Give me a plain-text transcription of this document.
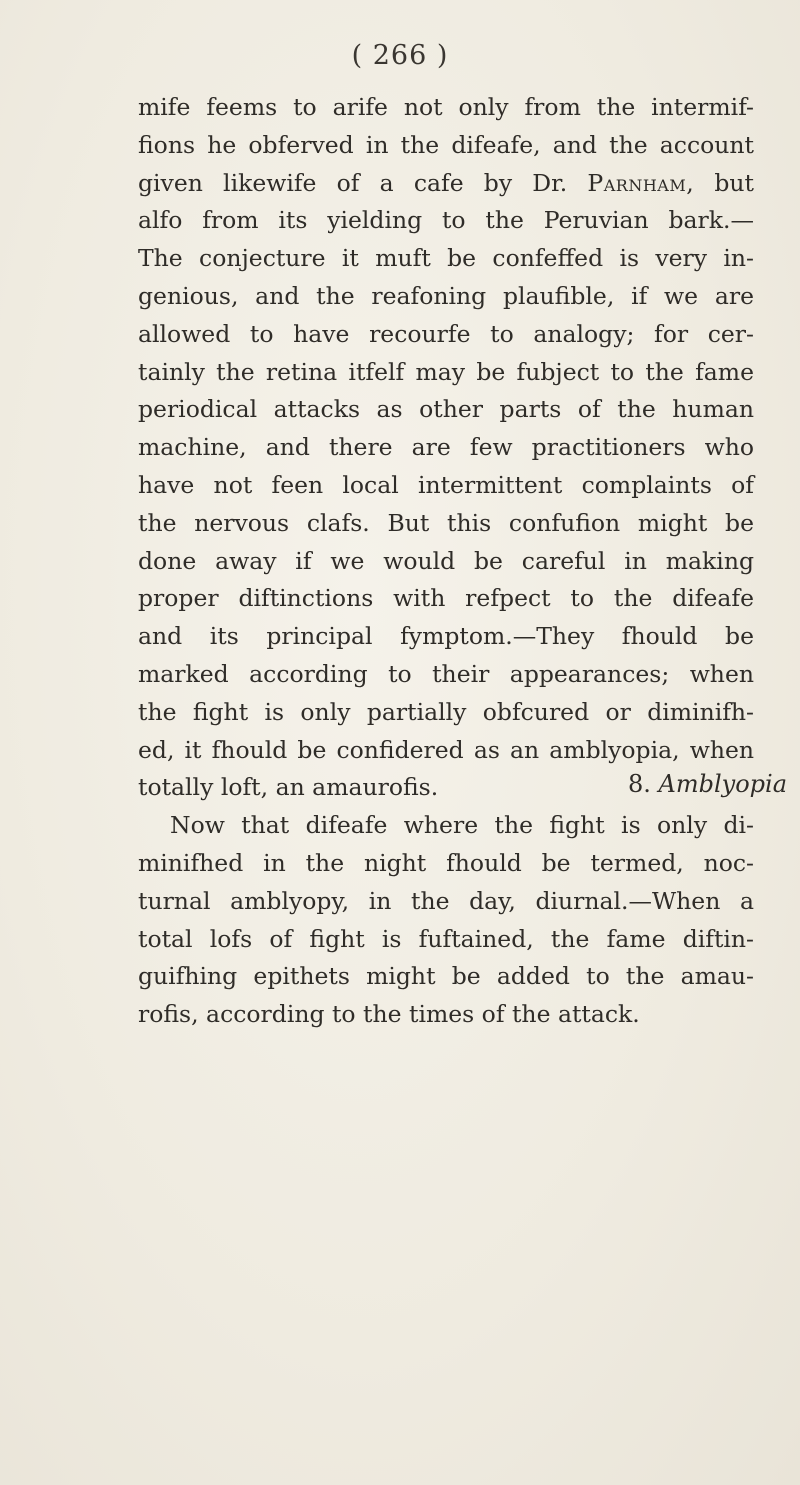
( 266 )
mife feems to arife not only from the intermif-
fions he obferved in the difeafe, and the account
given likewife of a cafe by Dr. Parnham, but
alfo from its yielding to the Peruvian bark.—
The conjecture it muft be confeffed is very in-
genious, and the reafoning plaufible, if we are
allowed to have recourfe to analogy; for cer-
tainly the retina itfelf may be fubject to the fame
periodical attacks as other parts of the human
machine, and there are few practitioners who
have not feen local intermittent complaints of
the nervous clafs. But this confufion might be
done away if we would be careful in making
proper diftinctions with refpect to the difeafe
and its principal fymptom.—They fhould be
marked according to their appearances; when
the fight is only partially obfcured or diminifh-
ed, it fhould be confidered as an amblyopia, when
totally loft, an amaurofis.
Now that difeafe where the fight is only di-
minifhed in the night fhould be termed, noc-
turnal amblyopy, in the day, diurnal.—When a
total lofs of fight is fuftained, the fame diftin-
guifhing epithets might be added to the amau-
rofis, according to the times of the attack.
8. Amblyopia
